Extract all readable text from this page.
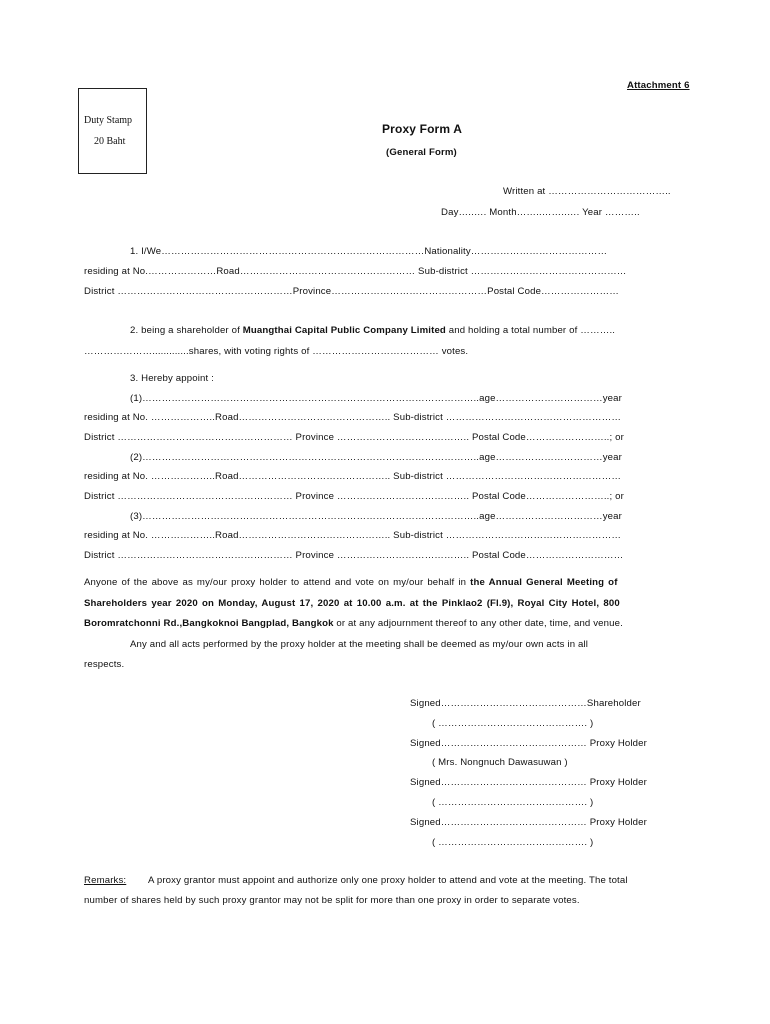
Attachment 6
Duty Stamp
20 Baht
Proxy Form A
(General Form)
Written at ………………………………..
Day…..…. Month……..……..…. Year ………..
1. I/We………………………………………………………………………Nationality……………………………………
residing at No.…………………Road……………………………………………… Sub-district …………………………………………
District ………………………………………………Province…………………………………………Postal Code……………………
2. being a shareholder of Muangthai Capital Public Company Limited and holding a total number of ………..
………………….............shares, with voting rights of ………………………………… votes.
3. Hereby appoint :
(1)…………………………………………………………………………………………..age……………………………year
residing at No. ………………..Road……………………………………….. Sub-district ………………………………………………
District ……………………………………………… Province ………………………………….. Postal Code……………………..; or
(2)…………………………………………………………………………………………..age……………………………year
residing at No. ………………..Road……………………………………….. Sub-district ………………………………………………
District ……………………………………………… Province ………………………………….. Postal Code……………………..; or
(3)…………………………………………………………………………………………..age……………………………year
residing at No. ………………..Road……………………………………….. Sub-district ………………………………………………
District ……………………………………………… Province ………………………………….. Postal Code…………………………
Anyone of the above as my/our proxy holder to attend and vote on my/our behalf in the Annual General Meeting of
Shareholders year 2020 on Monday, August 17, 2020 at 10.00 a.m. at the Pinklao2 (Fl.9), Royal City Hotel, 800
Boromratchonni Rd.,Bangkoknoi Bangplad, Bangkok or at any adjournment thereof to any other date, time, and venue.
Any and all acts performed by the proxy holder at the meeting shall be deemed as my/our own acts in all
respects.
Signed………………………………………Shareholder
( ………………………………………. )
Signed……………………………………… Proxy Holder
( Mrs. Nongnuch Dawasuwan )
Signed……………………………………… Proxy Holder
( ………………………………………. )
Signed……………………………………… Proxy Holder
( ………………………………………. )
Remarks: A proxy grantor must appoint and authorize only one proxy holder to attend and vote at the meeting. The total
number of shares held by such proxy grantor may not be split for more than one proxy in order to separate votes.
